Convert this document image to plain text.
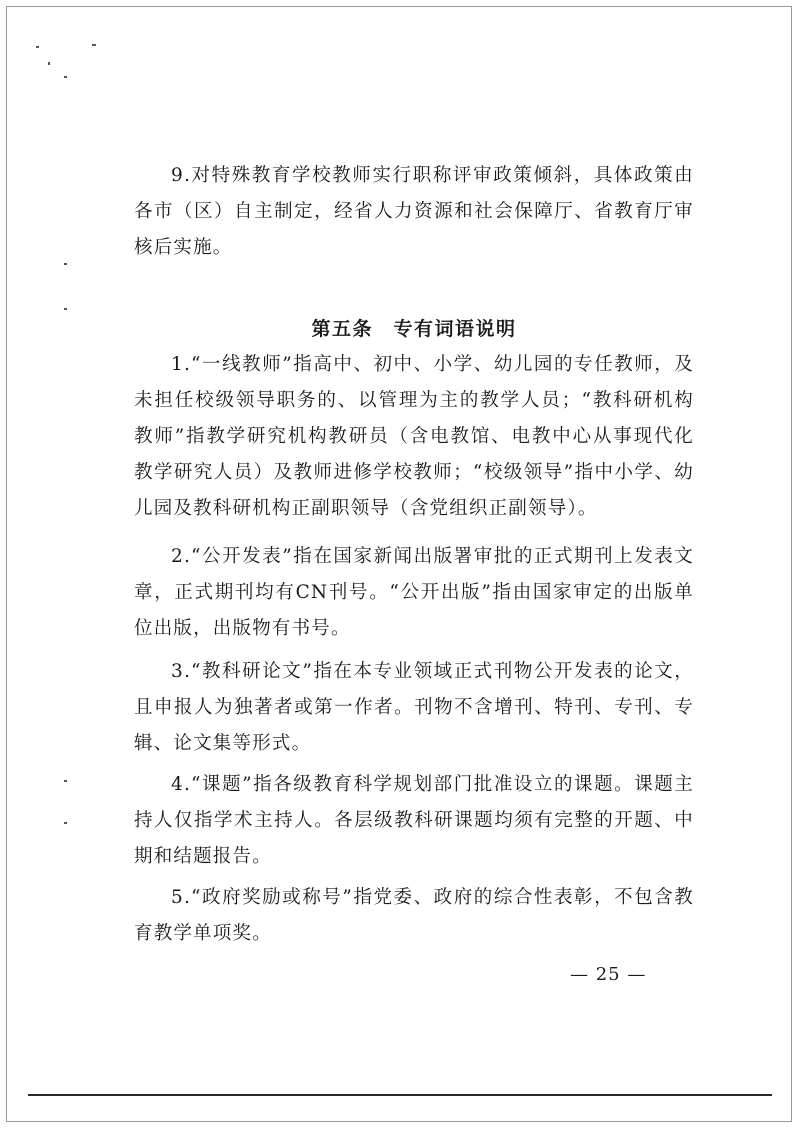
9.对特殊教育学校教师实行职称评审政策倾斜，具体政策由各市（区）自主制定，经省人力资源和社会保障厅、省教育厅审核后实施。

第五条　专有词语说明

1.“一线教师”指高中、初中、小学、幼儿园的专任教师，及未担任校级领导职务的、以管理为主的教学人员；“教科研机构教师”指教学研究机构教研员（含电教馆、电教中心从事现代化教学研究人员）及教师进修学校教师；“校级领导”指中小学、幼儿园及教科研机构正副职领导（含党组织正副领导）。

2.“公开发表”指在国家新闻出版署审批的正式期刊上发表文章，正式期刊均有CN刊号。“公开出版”指由国家审定的出版单位出版，出版物有书号。

3.“教科研论文”指在本专业领域正式刊物公开发表的论文，且申报人为独著者或第一作者。刊物不含增刊、特刊、专刊、专辑、论文集等形式。

4.“课题”指各级教育科学规划部门批准设立的课题。课题主持人仅指学术主持人。各层级教科研课题均须有完整的开题、中期和结题报告。

5.“政府奖励或称号”指党委、政府的综合性表彰，不包含教育教学单项奖。

— 25 —
